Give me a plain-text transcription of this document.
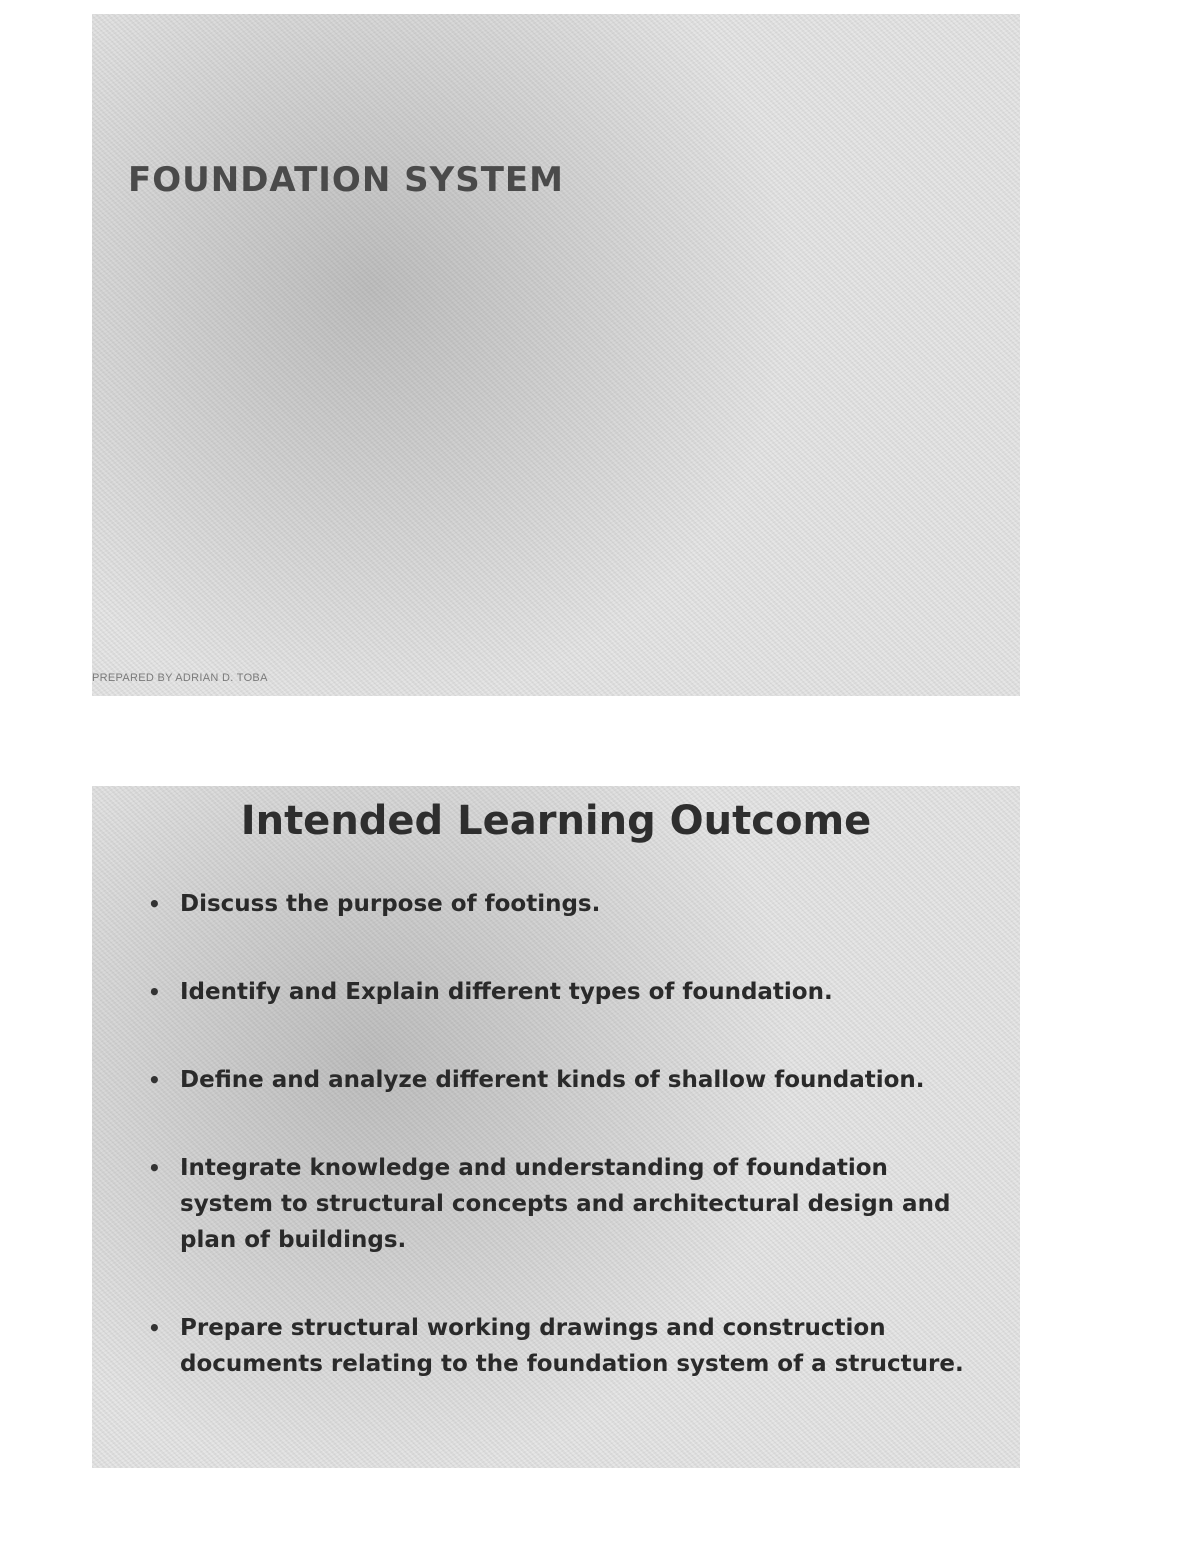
FOUNDATION SYSTEM
PREPARED BY ADRIAN D. TOBA
Intended Learning Outcome
• Discuss the purpose of footings.
• Identify and Explain different types of foundation.
• Define and analyze different kinds of shallow foundation.
• Integrate knowledge and understanding of foundation system to structural concepts and architectural design and plan of buildings.
• Prepare structural working drawings and construction documents relating to the foundation system of a structure.
